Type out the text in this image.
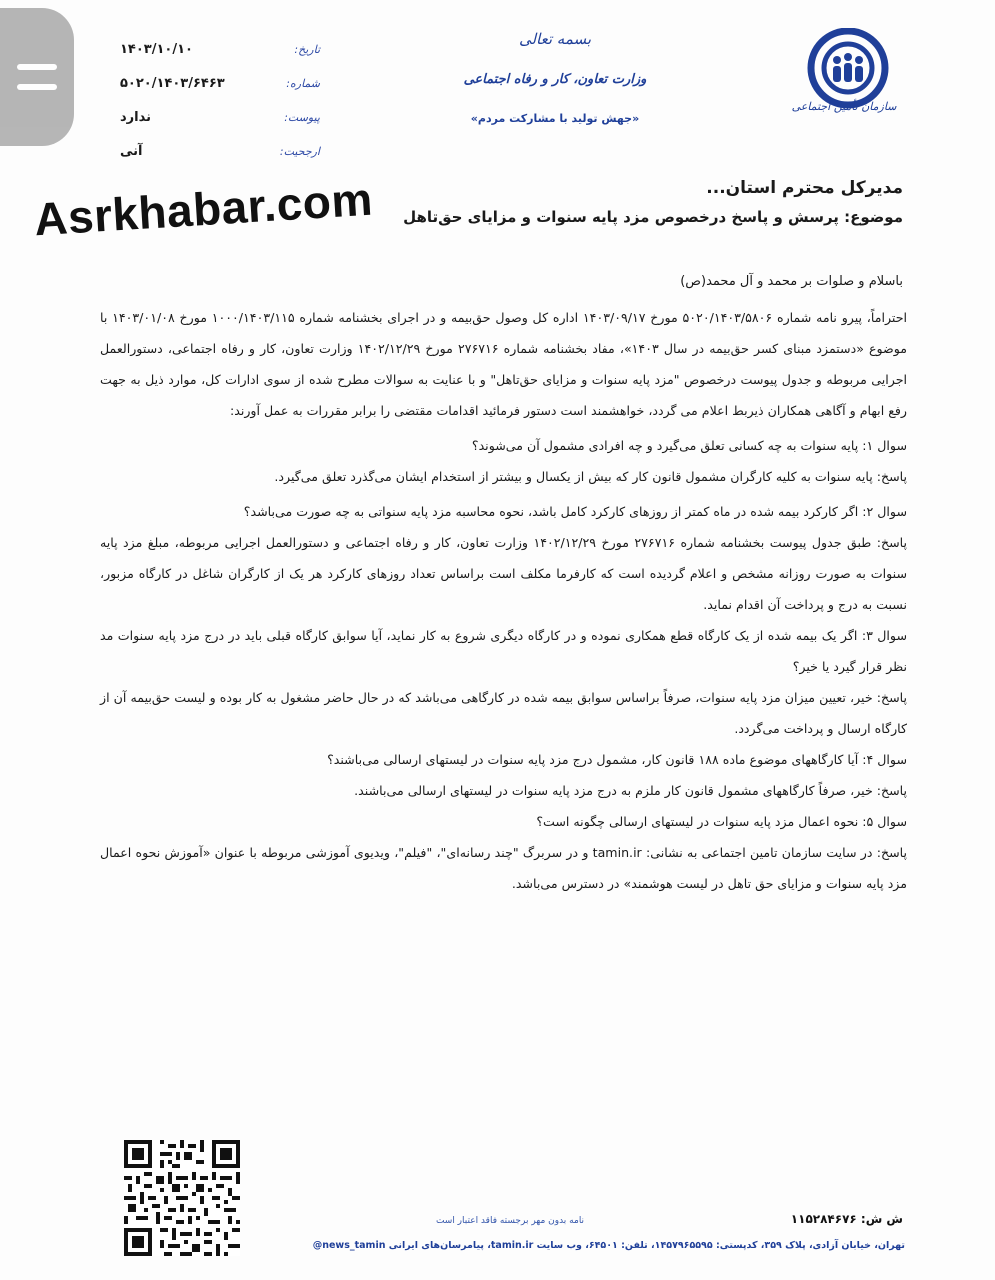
سازمان تأمین اجتماعی
بسمه تعالی
وزارت تعاون، کار و رفاه اجتماعی
«جهش تولید با مشارکت مردم»
تاریخ:
۱۴۰۳/۱۰/۱۰
شماره:
۵۰۲۰/۱۴۰۳/۶۴۶۳
پیوست:
ندارد
ارجحیت:
آنی
مدیرکل محترم استان...
موضوع: پرسش و پاسخ درخصوص مزد پایه سنوات و مزایای حق‌تاهل
Asrkhabar.com
باسلام و صلوات بر محمد و آل محمد(ص)

احتراماً، پیرو نامه شماره ۵۰۲۰/۱۴۰۳/۵۸۰۶ مورخ ۱۴۰۳/۰۹/۱۷ اداره کل وصول حق‌بیمه و در اجرای بخشنامه شماره ۱۰۰۰/۱۴۰۳/۱۱۵ مورخ ۱۴۰۳/۰۱/۰۸ با موضوع «دستمزد مبنای کسر حق‌بیمه در سال ۱۴۰۳»، مفاد بخشنامه شماره ۲۷۶۷۱۶ مورخ ۱۴۰۲/۱۲/۲۹ وزارت تعاون، کار و رفاه اجتماعی، دستورالعمل اجرایی مربوطه و جدول پیوست درخصوص "مزد پایه سنوات و مزایای حق‌تاهل" و با عنایت به سوالات مطرح شده از سوی ادارات کل، موارد ذیل به جهت رفع ابهام و آگاهی همکاران ذیربط اعلام می گردد، خواهشمند است دستور فرمائید اقدامات مقتضی را برابر مقررات به عمل آورند:

سوال ۱: پایه سنوات به چه کسانی تعلق می‌گیرد و چه افرادی مشمول آن می‌شوند؟

پاسخ: پایه سنوات به کلیه کارگران مشمول قانون کار که بیش از یکسال و بیشتر از استخدام ایشان می‌گذرد تعلق می‌گیرد.

سوال ۲: اگر کارکرد بیمه شده در ماه کمتر از روزهای کارکرد کامل باشد، نحوه محاسبه مزد پایه سنواتی به چه صورت می‌باشد؟

پاسخ: طبق جدول پیوست بخشنامه شماره ۲۷۶۷۱۶ مورخ ۱۴۰۲/۱۲/۲۹ وزارت تعاون، کار و رفاه اجتماعی و دستورالعمل اجرایی مربوطه، مبلغ مزد پایه سنوات به صورت روزانه مشخص و اعلام گردیده است که کارفرما مکلف است براساس تعداد روزهای کارکرد هر یک از کارگران شاغل در کارگاه مزبور، نسبت به درج و پرداخت آن اقدام نماید.

سوال ۳: اگر یک بیمه شده از یک کارگاه قطع همکاری نموده و در کارگاه دیگری شروع به کار نماید، آیا سوابق کارگاه قبلی باید در درج مزد پایه سنوات مد نظر قرار گیرد یا خیر؟

پاسخ: خیر، تعیین میزان مزد پایه سنوات، صرفاً براساس سوابق بیمه شده در کارگاهی می‌باشد که در حال حاضر مشغول به کار بوده و لیست حق‌بیمه آن از کارگاه ارسال و پرداخت می‌گردد.

سوال ۴: آیا کارگاههای موضوع ماده ۱۸۸ قانون کار، مشمول درج مزد پایه سنوات در لیستهای ارسالی می‌باشند؟

پاسخ: خیر، صرفاً کارگاههای مشمول قانون کار ملزم به درج مزد پایه سنوات در لیستهای ارسالی می‌باشند.

سوال ۵: نحوه اعمال مزد پایه سنوات در لیستهای ارسالی چگونه است؟

پاسخ: در سایت سازمان تامین اجتماعی به نشانی: tamin.ir و در سربرگ "چند رسانه‌ای"، "فیلم"، ویدیوی آموزشی مربوطه با عنوان «آموزش نحوه اعمال مزد پایه سنوات و مزایای حق تاهل در لیست هوشمند» در دسترس می‌باشد.

نامه بدون مهر برجسته فاقد اعتبار است	ش ش: ۱۱۵۲۸۴۶۷۶
تهران، خیابان آزادی، پلاک ۳۵۹، کدپستی: ۱۴۵۷۹۶۵۵۹۵، تلفن: ۶۴۵۰۱، وب سایت tamin.ir، پیامرسان‌های ایرانی news_tamin@
